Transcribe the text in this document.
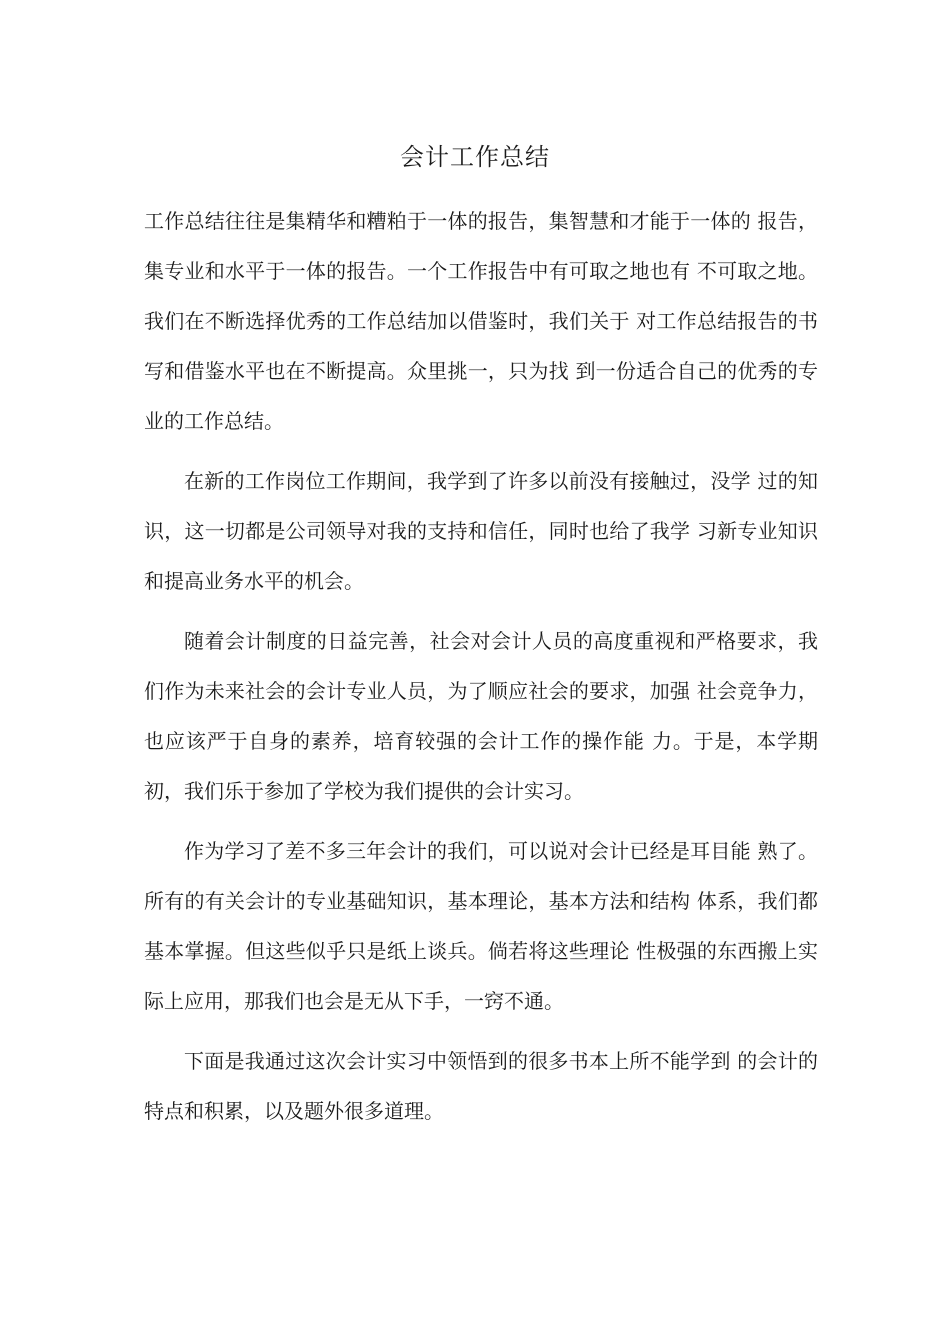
会计工作总结

工作总结往往是集精华和糟粕于一体的报告，集智慧和才能于一体的 报告，集专业和水平于一体的报告。一个工作报告中有可取之地也有 不可取之地。我们在不断选择优秀的工作总结加以借鉴时，我们关于 对工作总结报告的书写和借鉴水平也在不断提高。众里挑一，只为找 到一份适合自己的优秀的专业的工作总结。

在新的工作岗位工作期间，我学到了许多以前没有接触过，没学 过的知识，这一切都是公司领导对我的支持和信任，同时也给了我学 习新专业知识和提高业务水平的机会。

随着会计制度的日益完善，社会对会计人员的高度重视和严格要求，我们作为未来社会的会计专业人员，为了顺应社会的要求，加强 社会竞争力，也应该严于自身的素养，培育较强的会计工作的操作能 力。于是，本学期初，我们乐于参加了学校为我们提供的会计实习。

作为学习了差不多三年会计的我们，可以说对会计已经是耳目能 熟了。所有的有关会计的专业基础知识，基本理论，基本方法和结构 体系，我们都基本掌握。但这些似乎只是纸上谈兵。倘若将这些理论 性极强的东西搬上实际上应用，那我们也会是无从下手，一窍不通。

下面是我通过这次会计实习中领悟到的很多书本上所不能学到 的会计的特点和积累，以及题外很多道理。
